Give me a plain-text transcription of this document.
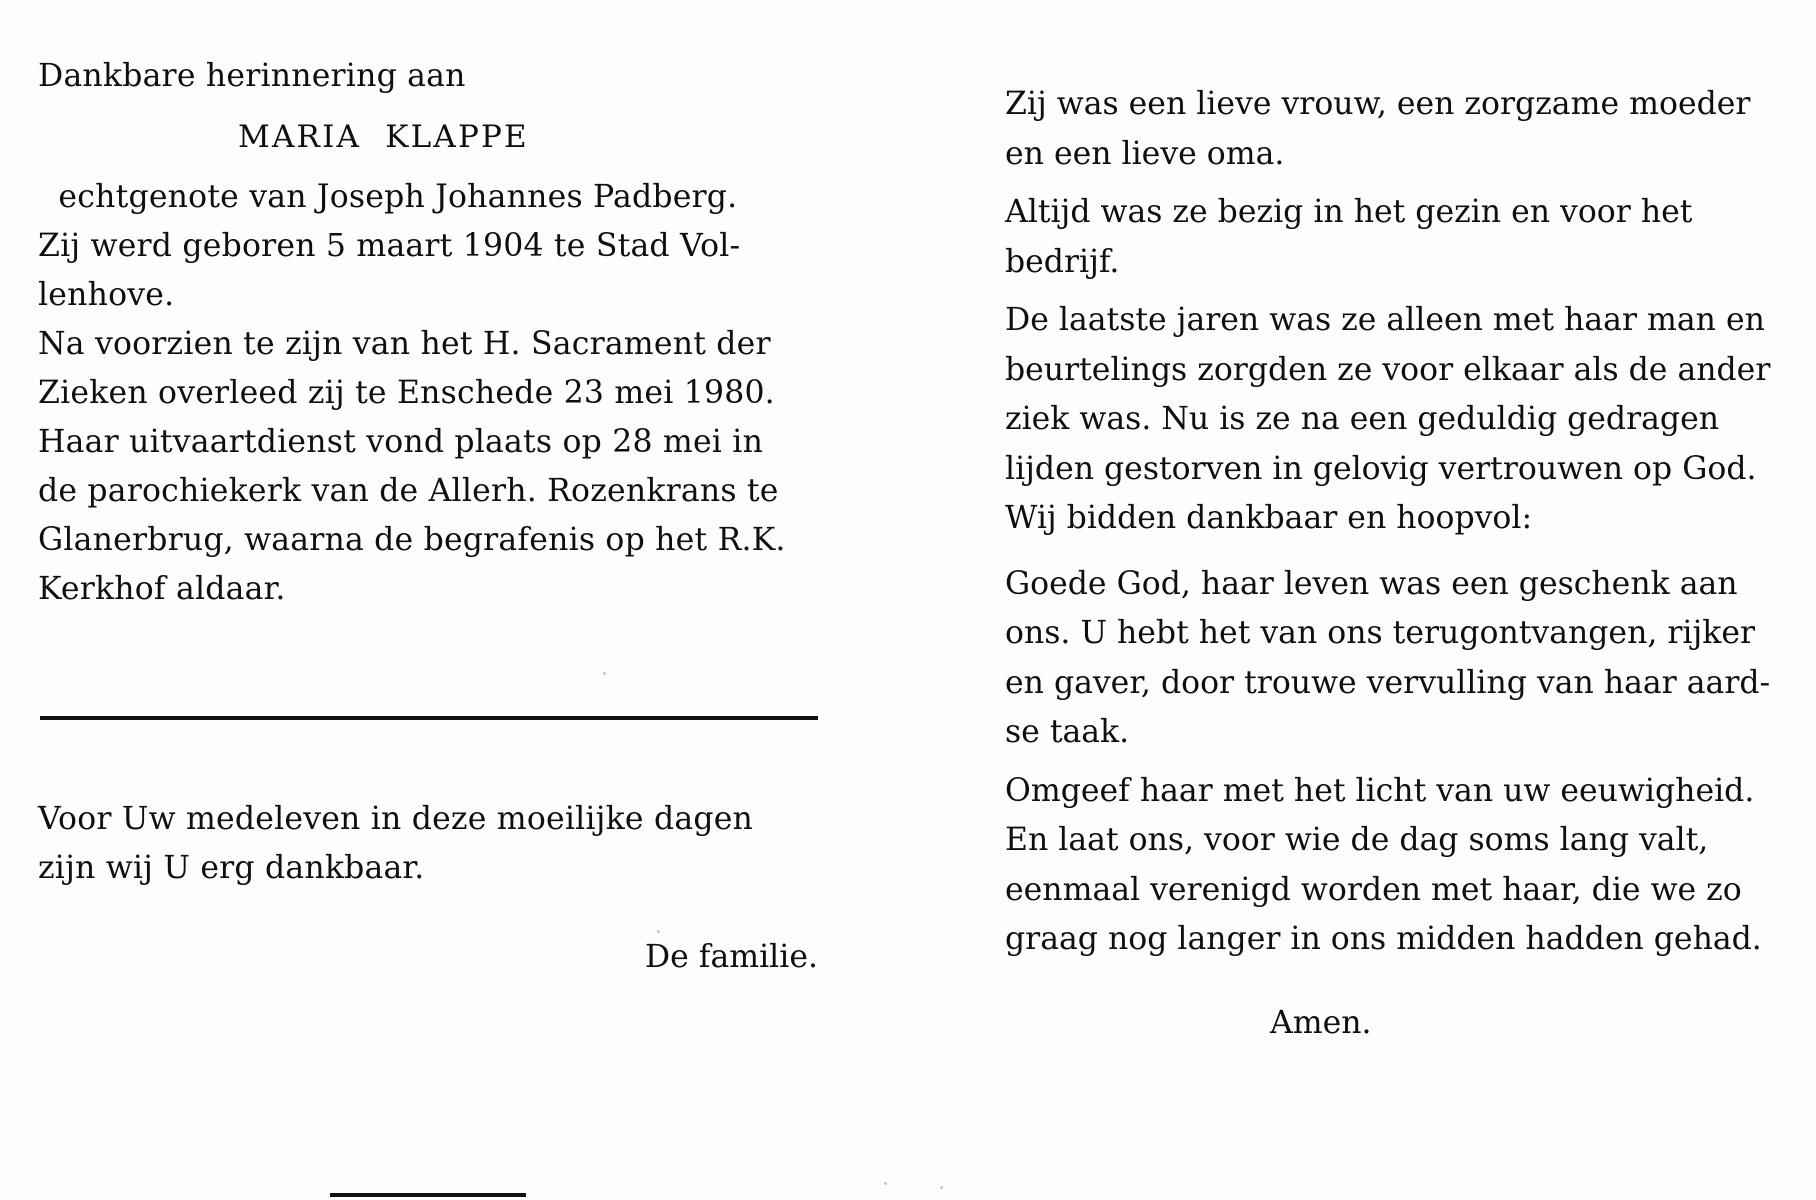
Dankbare herinnering aan
MARIA  KLAPPE
echtgenote van Joseph Johannes Padberg.
Zij werd geboren 5 maart 1904 te Stad Vol-
lenhove.
Na voorzien te zijn van het H. Sacrament der
Zieken overleed zij te Enschede 23 mei 1980.
Haar uitvaartdienst vond plaats op 28 mei in
de parochiekerk van de Allerh. Rozenkrans te
Glanerbrug, waarna de begrafenis op het R.K.
Kerkhof aldaar.
Voor Uw medeleven in deze moeilijke dagen
zijn wij U erg dankbaar.
De familie.
Zij was een lieve vrouw, een zorgzame moeder
en een lieve oma.
Altijd was ze bezig in het gezin en voor het
bedrijf.
De laatste jaren was ze alleen met haar man en
beurtelings zorgden ze voor elkaar als de ander
ziek was. Nu is ze na een geduldig gedragen
lijden gestorven in gelovig vertrouwen op God.
Wij bidden dankbaar en hoopvol:
Goede God, haar leven was een geschenk aan
ons. U hebt het van ons terugontvangen, rijker
en gaver, door trouwe vervulling van haar aard-
se taak.
Omgeef haar met het licht van uw eeuwigheid.
En laat ons, voor wie de dag soms lang valt,
eenmaal verenigd worden met haar, die we zo
graag nog langer in ons midden hadden gehad.
Amen.
